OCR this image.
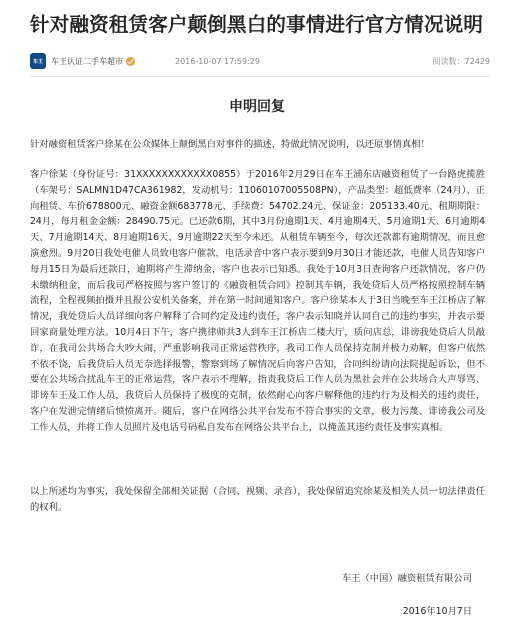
针对融资租赁客户颠倒黑白的事情进行官方情况说明
车王	车王认证二手车超市	2016-10-07 17:59:29	阅读数：72429
申明回复

针对融资租赁客户徐某在公众媒体上颠倒黑白对事件的描述，特做此情况说明，以还原事情真相！

客户徐某（身份证号：31XXXXXXXXXXXX0855）于2016年2月29日在车王浦东店融资租赁了一台路虎揽胜（车架号：SALMN1D47CA361982，发动机号：11060107005508PN），产品类型：超低费率（24月）、正向租赁、车价678800元、融资金额683778元、手续费：54702.24元、保证金：205133.40元、租期期限：24月，每月租金金额：28490.75元。已还款6期，其中3月份逾期1天、4月逾期4天、5月逾期1天、6月逾期4天、7月逾期14天、8月逾期16天、9月逾期22天至今未还。从租赁车辆至今，每次还款都有逾期情况，而且愈演愈烈。9月20日我处电催人员致电客户催款，电话录音中客户表示要到9月30日才能还款，电催人员告知客户每月15日为最后还款日，逾期将产生滞纳金，客户也表示已知悉。我处于10月3日查询客户还款情况，客户仍未缴纳租金，而后我司严格按照与客户签订的《融资租赁合同》控制其车辆，我处贷后人员严格按照控制车辆流程，全程视频拍摄并且报公安机关备案，并在第一时间通知客户。客户徐某本人于3日当晚至车王江桥店了解情况，我处贷后人员详细向客户解释了合同约定及违约责任，客户表示知晓并认同自己的违约事实，并表示要回家商量处理方法。10月4日下午，客户携律师共3人到车王江桥店二楼大厅，质问店总，诽谤我处贷后人员敲诈，在我司公共场合大吵大闹，严重影响我司正常运营秩序，我司工作人员保持克制并极力劝解，但客户依然不依不饶，后我贷后人员无奈选择报警，警察到场了解情况后向客户告知，合同纠纷请向法院提起诉讼，但不要在公共场合扰乱车王的正常运营，客户表示不理解，指责我贷后工作人员为黑社会并在公共场合大声辱骂、诽谤车王及工作人员，我贷后人员保持了极度的克制，依然耐心向客户解释他的违约行为及相关的违约责任，客户在发泄完情绪后愤愤离开。随后，客户在网络公共平台发布不符合事实的文章，极力污蔑、诽谤我公司及工作人员，并将工作人员照片及电话号码私自发布在网络公共平台上，以掩盖其违约责任及事实真相。

以上所述均为事实，我处保留全部相关证据（合同、视频、录音），我处保留追究徐某及相关人员一切法律责任的权利。

车王（中国）融资租赁有限公司
2016年10月7日
